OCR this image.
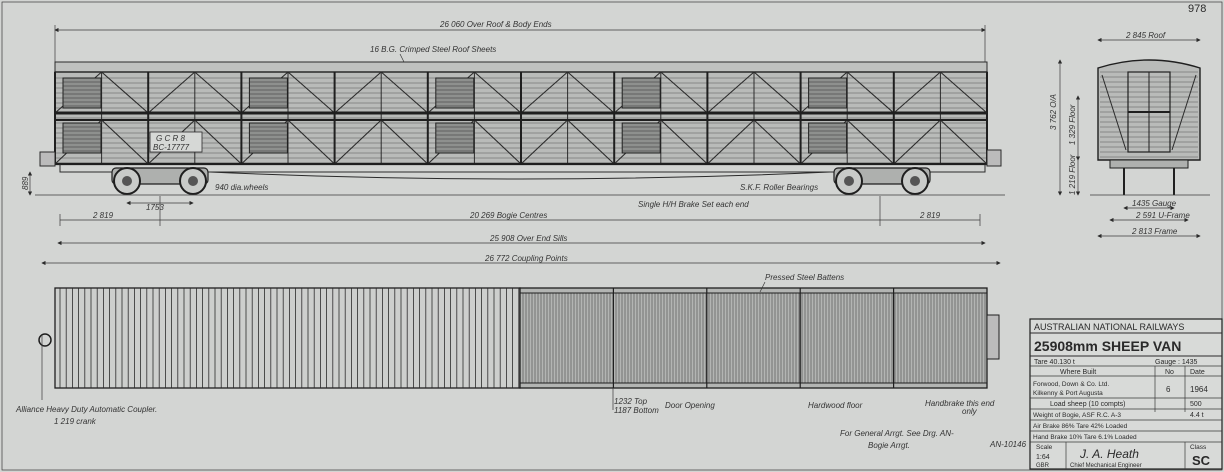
978
26 060 Over Roof & Body Ends
16 B.G. Crimped Steel Roof Sheets
G C R 8
BC-17777
940 dia.wheels	S.K.F. Roller Bearings
1753	Single H/H Brake Set each end
889
2 819	20 269 Bogie Centres	2 819
25 908 Over End Sills
26 772 Coupling Points
2 845 Roof
3 762 O/A 1 329 Floor
1 219 Floor
1435 Gauge
2 591 U-Frame
2 813 Frame
Pressed Steel Battens
Alliance Heavy Duty Automatic Coupler.
1 219 crank
1232 Top
1187 Bottom
Door Opening	Hardwood floor	Handbrake this end
only
For General Arrgt. See Drg. AN-
AN-10146
Bogie Arrgt.
AUSTRALIAN NATIONAL RAILWAYS
25908mm SHEEP VAN
Tare 40.130 t	Gauge : 1435
Where Built	No Date
Forwood, Down & Co. Ltd.
Kilkenny & Port Augusta	6 1964
Load sheep (10 compts)	500
Weight of Bogie, ASF R.C. A-3	4.4 t
Air Brake 86% Tare 42% Loaded
Hand Brake 10% Tare 6.1% Loaded
Scale
1:64
GBR
J. A. Heath
Chief Mechanical Engineer
Class
SC
